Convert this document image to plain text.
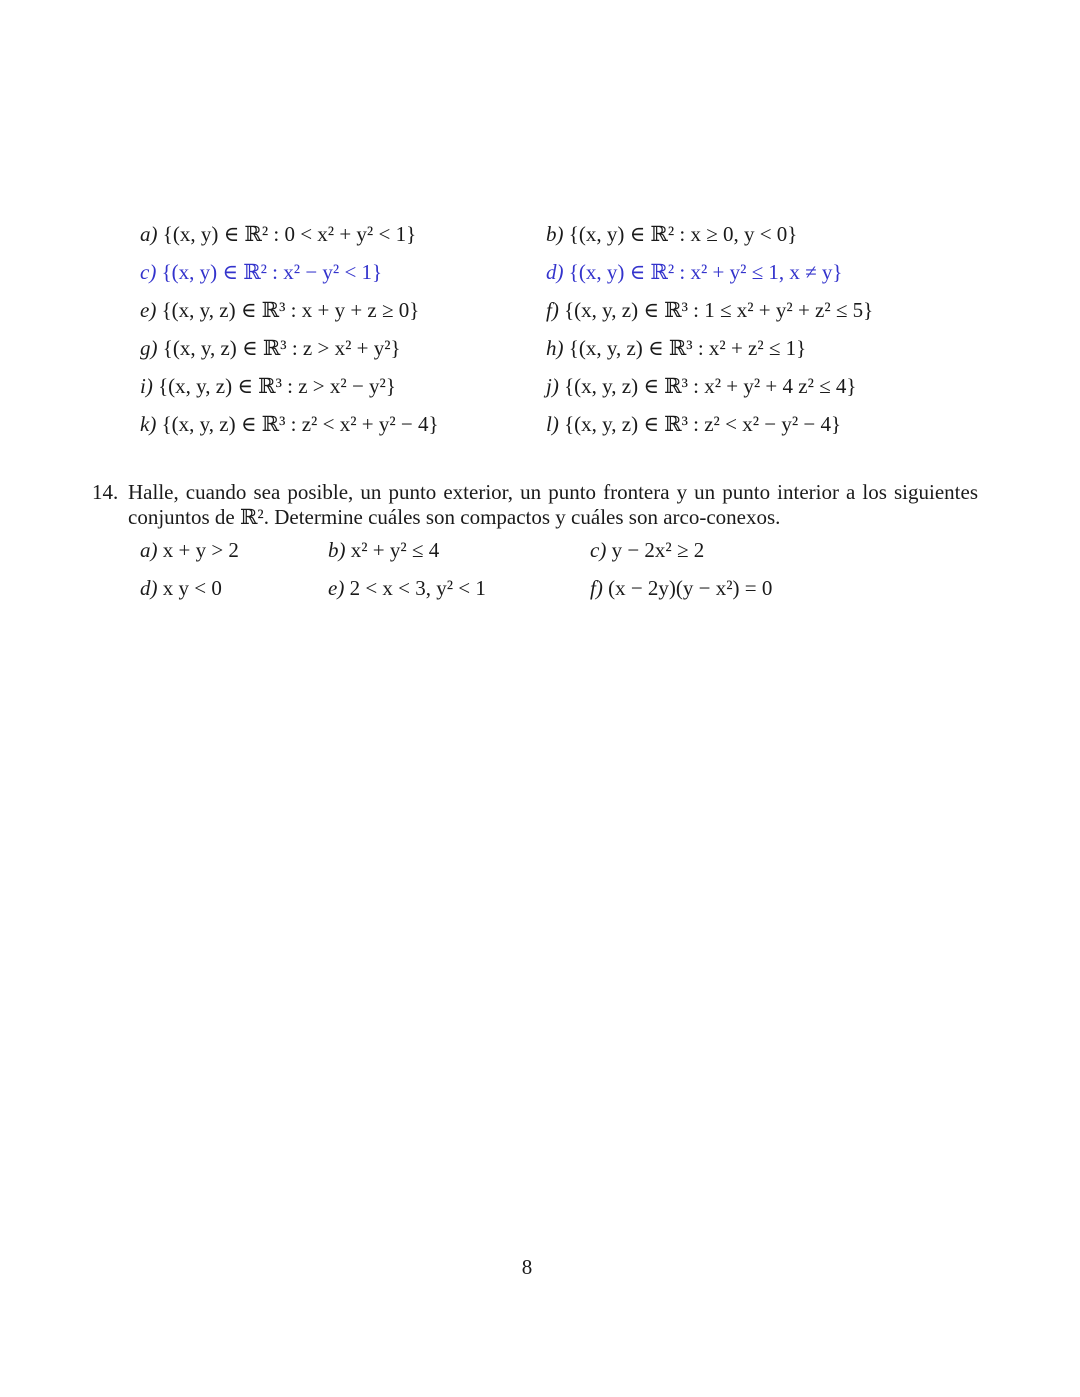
a) {(x, y) ∈ ℝ² : 0 < x² + y² < 1}	b) {(x, y) ∈ ℝ² : x ≥ 0, y < 0}
c) {(x, y) ∈ ℝ² : x² − y² < 1}	d) {(x, y) ∈ ℝ² : x² + y² ≤ 1, x ≠ y}
e) {(x, y, z) ∈ ℝ³ : x + y + z ≥ 0}	f) {(x, y, z) ∈ ℝ³ : 1 ≤ x² + y² + z² ≤ 5}
g) {(x, y, z) ∈ ℝ³ : z > x² + y²}	h) {(x, y, z) ∈ ℝ³ : x² + z² ≤ 1}
i) {(x, y, z) ∈ ℝ³ : z > x² − y²}	j) {(x, y, z) ∈ ℝ³ : x² + y² + 4 z² ≤ 4}
k) {(x, y, z) ∈ ℝ³ : z² < x² + y² − 4}	l) {(x, y, z) ∈ ℝ³ : z² < x² − y² − 4}
14. Halle, cuando sea posible, un punto exterior, un punto frontera y un punto interior a los siguientes conjuntos de ℝ². Determine cuáles son compactos y cuáles son arco-conexos.
a) x + y > 2	b) x² + y² ≤ 4	c) y − 2x² ≥ 2
d) x y < 0	e) 2 < x < 3, y² < 1	f) (x − 2y)(y − x²) = 0
8
